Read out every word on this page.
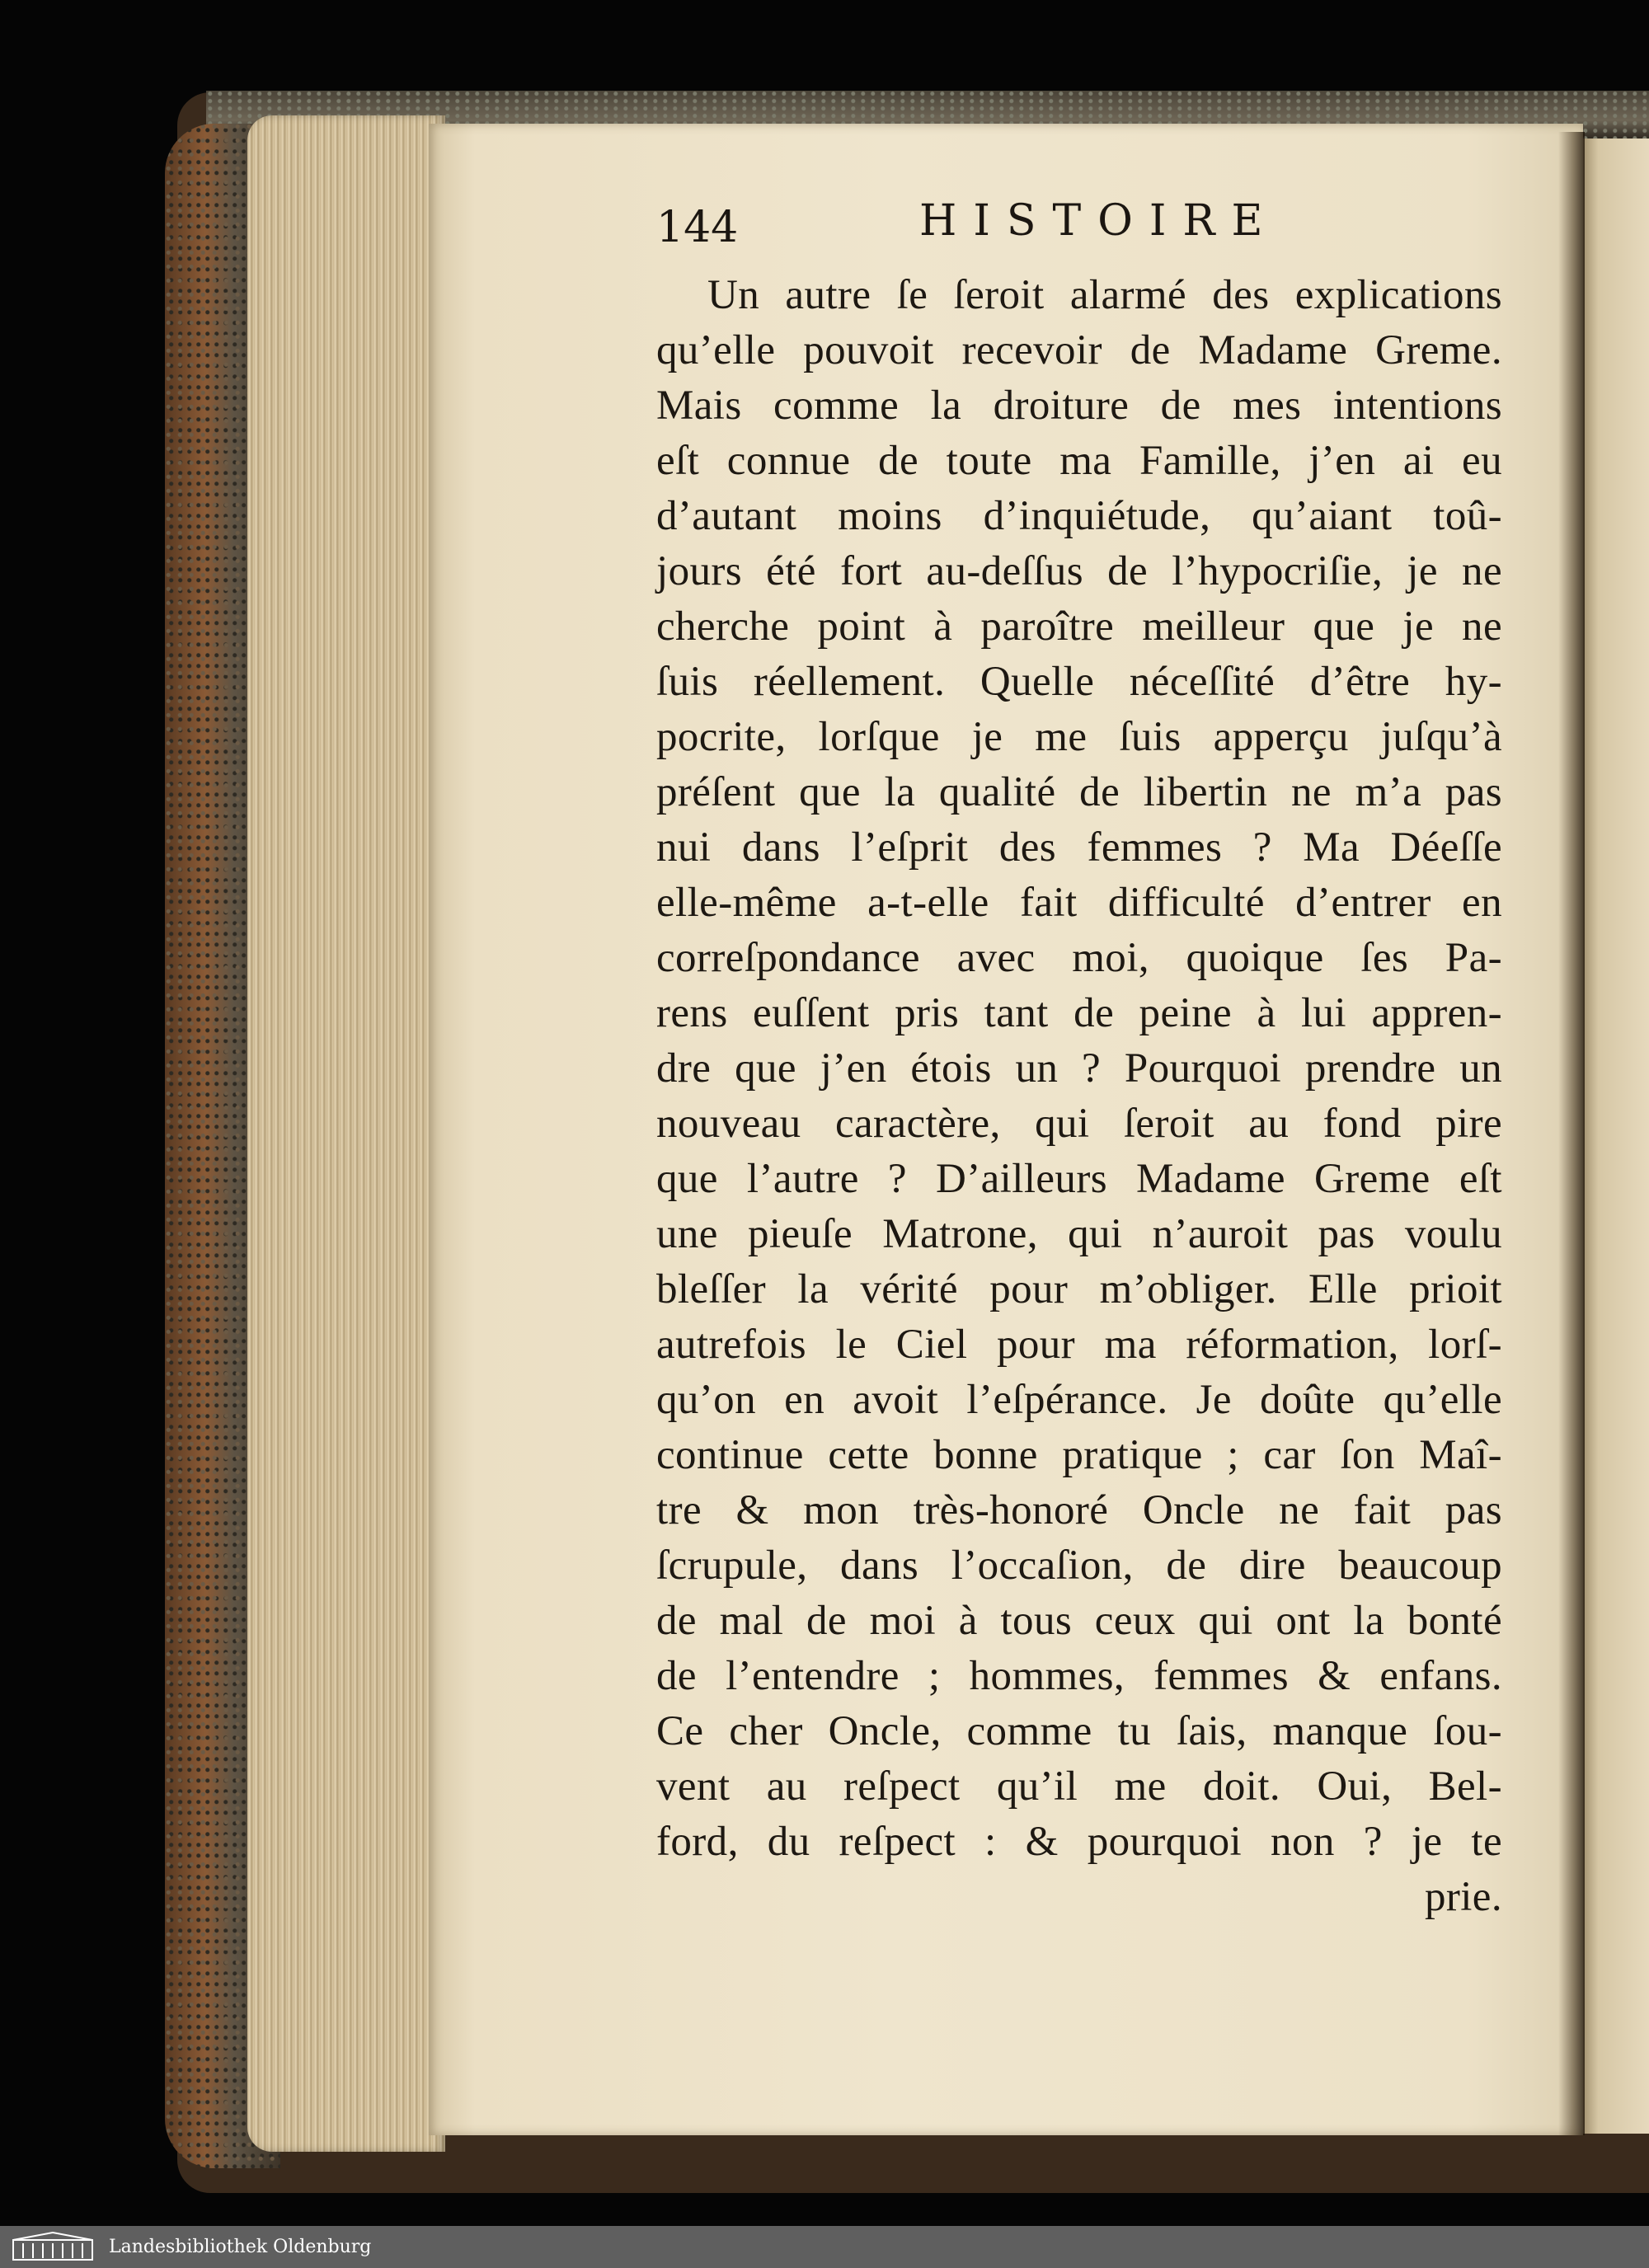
144	HISTOIRE
Un autre ſe ſeroit alarmé des explications
qu’elle pouvoit recevoir de Madame Greme.
Mais comme la droiture de mes intentions
eſt connue de toute ma Famille, j’en ai eu
d’autant moins d’inquiétude, qu’aiant toû-
jours été fort au-deſſus de l’hypocriſie, je ne
cherche point à paroître meilleur que je ne
ſuis réellement. Quelle néceſſité d’être hy-
pocrite, lorſque je me ſuis apperçu juſqu’à
préſent que la qualité de libertin ne m’a pas
nui dans l’eſprit des femmes ? Ma Déeſſe
elle-même a-t-elle fait difficulté d’entrer en
correſpondance avec moi, quoique ſes Pa-
rens euſſent pris tant de peine à lui appren-
dre que j’en étois un ? Pourquoi prendre un
nouveau caractère, qui ſeroit au fond pire
que l’autre ? D’ailleurs Madame Greme eſt
une pieuſe Matrone, qui n’auroit pas voulu
bleſſer la vérité pour m’obliger. Elle prioit
autrefois le Ciel pour ma réformation, lorſ-
qu’on en avoit l’eſpérance. Je doûte qu’elle
continue cette bonne pratique ; car ſon Maî-
tre & mon très-honoré Oncle ne fait pas
ſcrupule, dans l’occaſion, de dire beaucoup
de mal de moi à tous ceux qui ont la bonté
de l’entendre ; hommes, femmes & enfans.
Ce cher Oncle, comme tu ſais, manque ſou-
vent au reſpect qu’il me doit. Oui, Bel-
ford, du reſpect : & pourquoi non ? je te
prie.
Landesbibliothek Oldenburg
